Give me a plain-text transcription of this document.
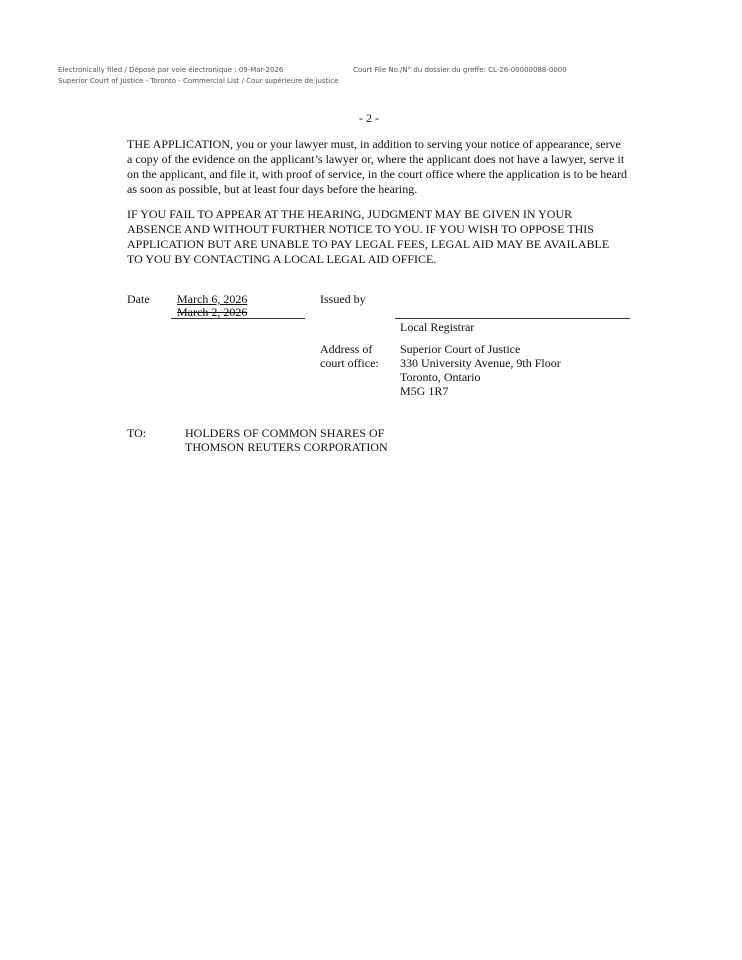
Electronically filed / Déposé par voie électronique : 09-Mar-2026
Superior Court of Justice - Toronto - Commercial List / Cour supérieure de justice
Court File No./N° du dossier du greffe: CL-26-00000088-0000
- 2 -
THE APPLICATION, you or your lawyer must, in addition to serving your notice of appearance, serve a copy of the evidence on the applicant’s lawyer or, where the applicant does not have a lawyer, serve it on the applicant, and file it, with proof of service, in the court office where the application is to be heard as soon as possible, but at least four days before the hearing.
IF YOU FAIL TO APPEAR AT THE HEARING, JUDGMENT MAY BE GIVEN IN YOUR ABSENCE AND WITHOUT FURTHER NOTICE TO YOU. IF YOU WISH TO OPPOSE THIS APPLICATION BUT ARE UNABLE TO PAY LEGAL FEES, LEGAL AID MAY BE AVAILABLE TO YOU BY CONTACTING A LOCAL LEGAL AID OFFICE.
Date March 6, 2026
March 2, 2026
Issued by
Local Registrar
Address of
court office:
Superior Court of Justice
330 University Avenue, 9th Floor
Toronto, Ontario
M5G 1R7
TO:	HOLDERS OF COMMON SHARES OF
THOMSON REUTERS CORPORATION
